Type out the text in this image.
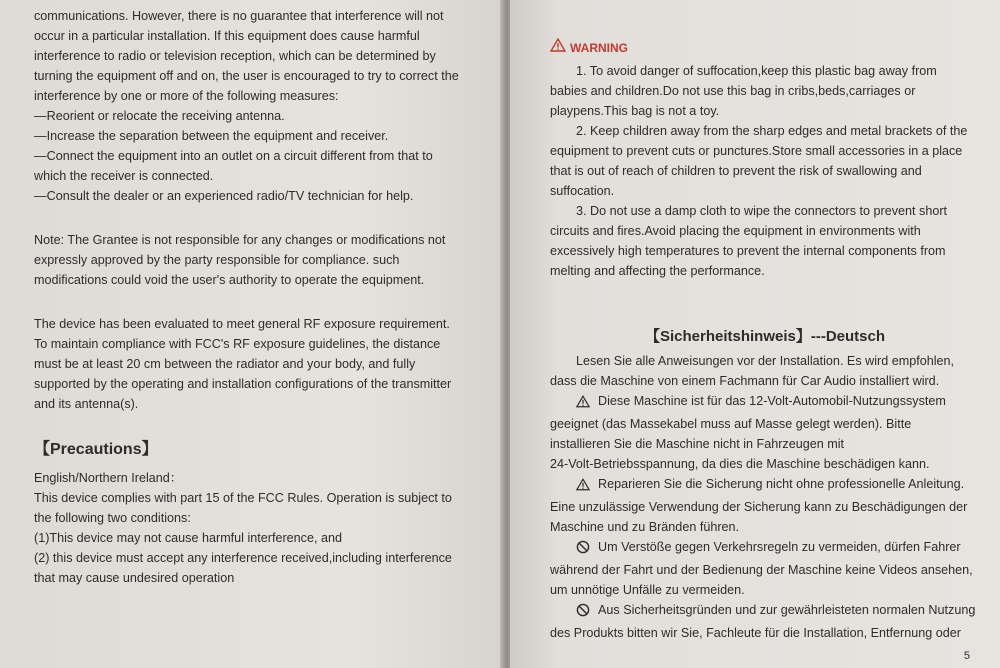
communications. However, there is no guarantee that interference will not
occur in a particular installation. If this equipment does cause harmful
interference to radio or television reception, which can be determined by
turning the equipment off and on, the user is encouraged to try to correct the
interference by one or more of the following measures:
—Reorient or relocate the receiving antenna.
—Increase the separation between the equipment and receiver.
—Connect the equipment into an outlet on a circuit different from that to
which the receiver is connected.
—Consult the dealer or an experienced radio/TV technician for help.
Note: The Grantee is not responsible for any changes or modifications not
expressly approved by the party responsible for compliance. such
modifications could void the user's authority to operate the equipment.
The device has been evaluated to meet general RF exposure requirement.
To maintain compliance with FCC's RF exposure guidelines, the distance
must be at least 20 cm between the radiator and your body, and fully
supported by the operating and installation configurations of the transmitter
and its antenna(s).
【Precautions】
English/Northern Ireland：
This device complies with part 15 of the FCC Rules. Operation is subject to
the following two conditions:
(1)This device may not cause harmful interference, and
(2) this device must accept any interference received,including interference
that may cause undesired operation
WARNING
1. To avoid danger of suffocation,keep this plastic bag away from
babies and children.Do not use this bag in cribs,beds,carriages or
playpens.This bag is not a toy.
2. Keep children away from the sharp edges and metal brackets of the
equipment to prevent cuts or punctures.Store small accessories in a place
that is out of reach of children to prevent the risk of swallowing and
suffocation.
3. Do not use a damp cloth to wipe the connectors to prevent short
circuits and fires.Avoid placing the equipment in environments with
excessively high temperatures to prevent the internal components from
melting and affecting the performance.
【Sicherheitshinweis】---Deutsch
Lesen Sie alle Anweisungen vor der Installation. Es wird empfohlen,
dass die Maschine von einem Fachmann für Car Audio installiert wird.
Diese Maschine ist für das 12-Volt-Automobil-Nutzungssystem
geeignet (das Massekabel muss auf Masse gelegt werden). Bitte
installieren Sie die Maschine nicht in Fahrzeugen mit
24-Volt-Betriebsspannung, da dies die Maschine beschädigen kann.
Reparieren Sie die Sicherung nicht ohne professionelle Anleitung.
Eine unzulässige Verwendung der Sicherung kann zu Beschädigungen der
Maschine und zu Bränden führen.
Um Verstöße gegen Verkehrsregeln zu vermeiden, dürfen Fahrer
während der Fahrt und der Bedienung der Maschine keine Videos ansehen,
um unnötige Unfälle zu vermeiden.
Aus Sicherheitsgründen und zur gewährleisteten normalen Nutzung
des Produkts bitten wir Sie, Fachleute für die Installation, Entfernung oder
5
